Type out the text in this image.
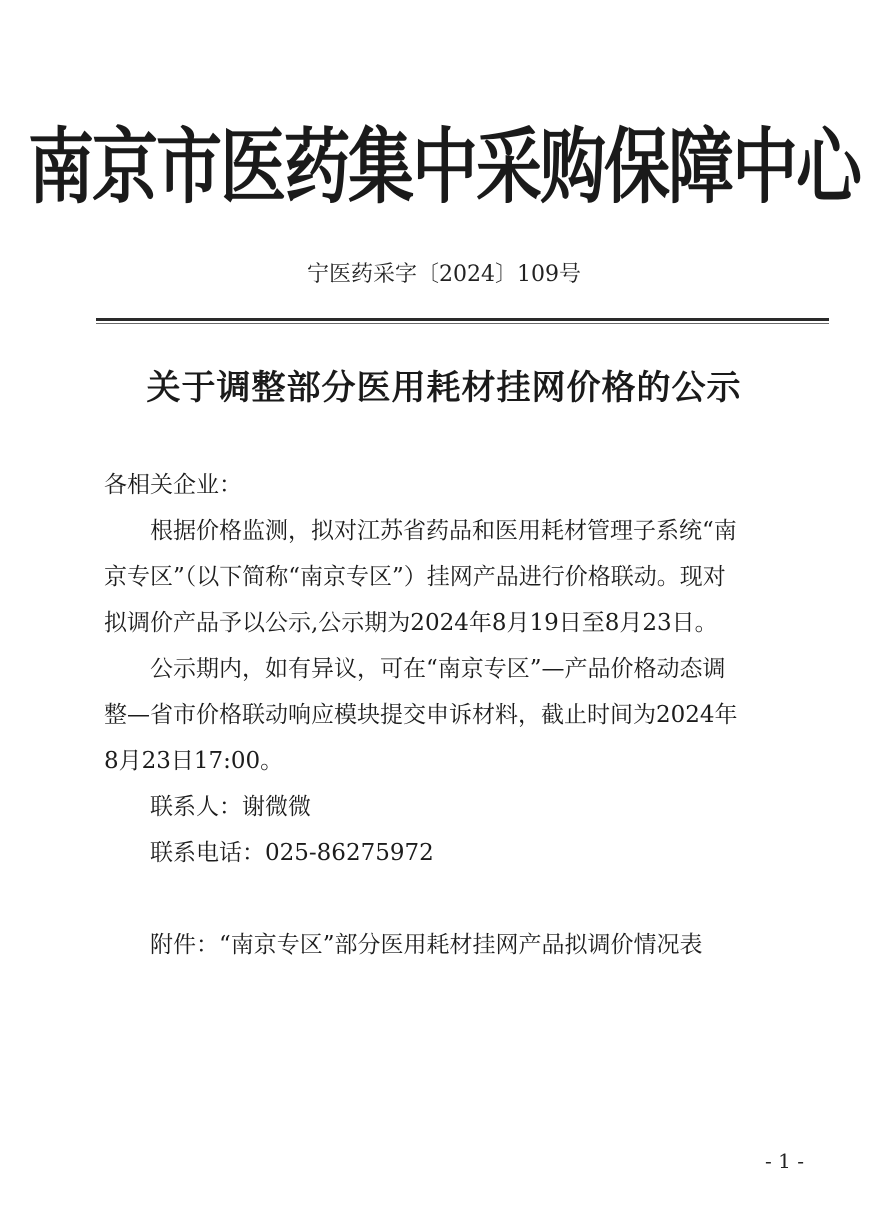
南京市医药集中采购保障中心
宁医药采字〔2024〕109号
关于调整部分医用耗材挂网价格的公示

各相关企业：

根据价格监测，拟对江苏省药品和医用耗材管理子系统“南
京专区”（以下简称“南京专区”）挂网产品进行价格联动。现对
拟调价产品予以公示,公示期为2024年8月19日至8月23日。

公示期内，如有异议，可在“南京专区”—产品价格动态调
整—省市价格联动响应模块提交申诉材料，截止时间为2024年
8月23日17:00。

联系人：谢微微

联系电话：025-86275972

附件：“南京专区”部分医用耗材挂网产品拟调价情况表

- 1 -
